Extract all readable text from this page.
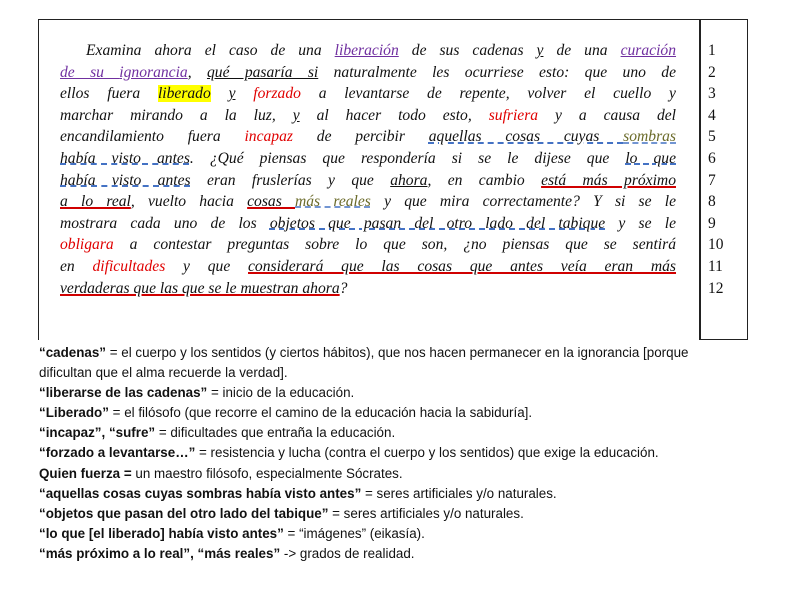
1
2
3
4
5
6
7
8
9
10
11
12
Examina ahora el caso de una liberación de sus cadenas y de una curación
de su ignorancia, qué pasaría si naturalmente les ocurriese esto: que uno de
ellos fuera liberado y forzado a levantarse de repente, volver el cuello y
marchar mirando a la luz, y al hacer todo esto, sufriera y a causa del
encandilamiento fuera incapaz de percibir aquellas cosas cuyas sombras
había visto antes. ¿Qué piensas que respondería si se le dijese que lo que
había visto antes eran fruslerías y que ahora, en cambio está más próximo
a lo real, vuelto hacia cosas más reales y que mira correctamente? Y si se le
mostrara cada uno de los objetos que pasan del otro lado del tabique y se le
obligara a contestar preguntas sobre lo que son, ¿no piensas que se sentirá
en dificultades y que considerará que las cosas que antes veía eran más
verdaderas que las que se le muestran ahora?

“cadenas” = el cuerpo y los sentidos (y ciertos hábitos), que nos hacen permanecer en la ignorancia [porque dificultan que el alma recuerde la verdad].

“liberarse de las cadenas” = inicio de la educación.

“Liberado” = el filósofo (que recorre el camino de la educación hacia la sabiduría].

“incapaz”, “sufre” = dificultades que entraña la educación.

“forzado a levantarse…” = resistencia y lucha (contra el cuerpo y los sentidos) que exige la educación.

Quien fuerza = un maestro filósofo, especialmente Sócrates.

“aquellas cosas cuyas sombras había visto antes” = seres artificiales y/o naturales.

“objetos que pasan del otro lado del tabique” = seres artificiales y/o naturales.

“lo que [el liberado] había visto antes” = “imágenes” (eikasía).

“más próximo a lo real”, “más reales” -> grados de realidad.
